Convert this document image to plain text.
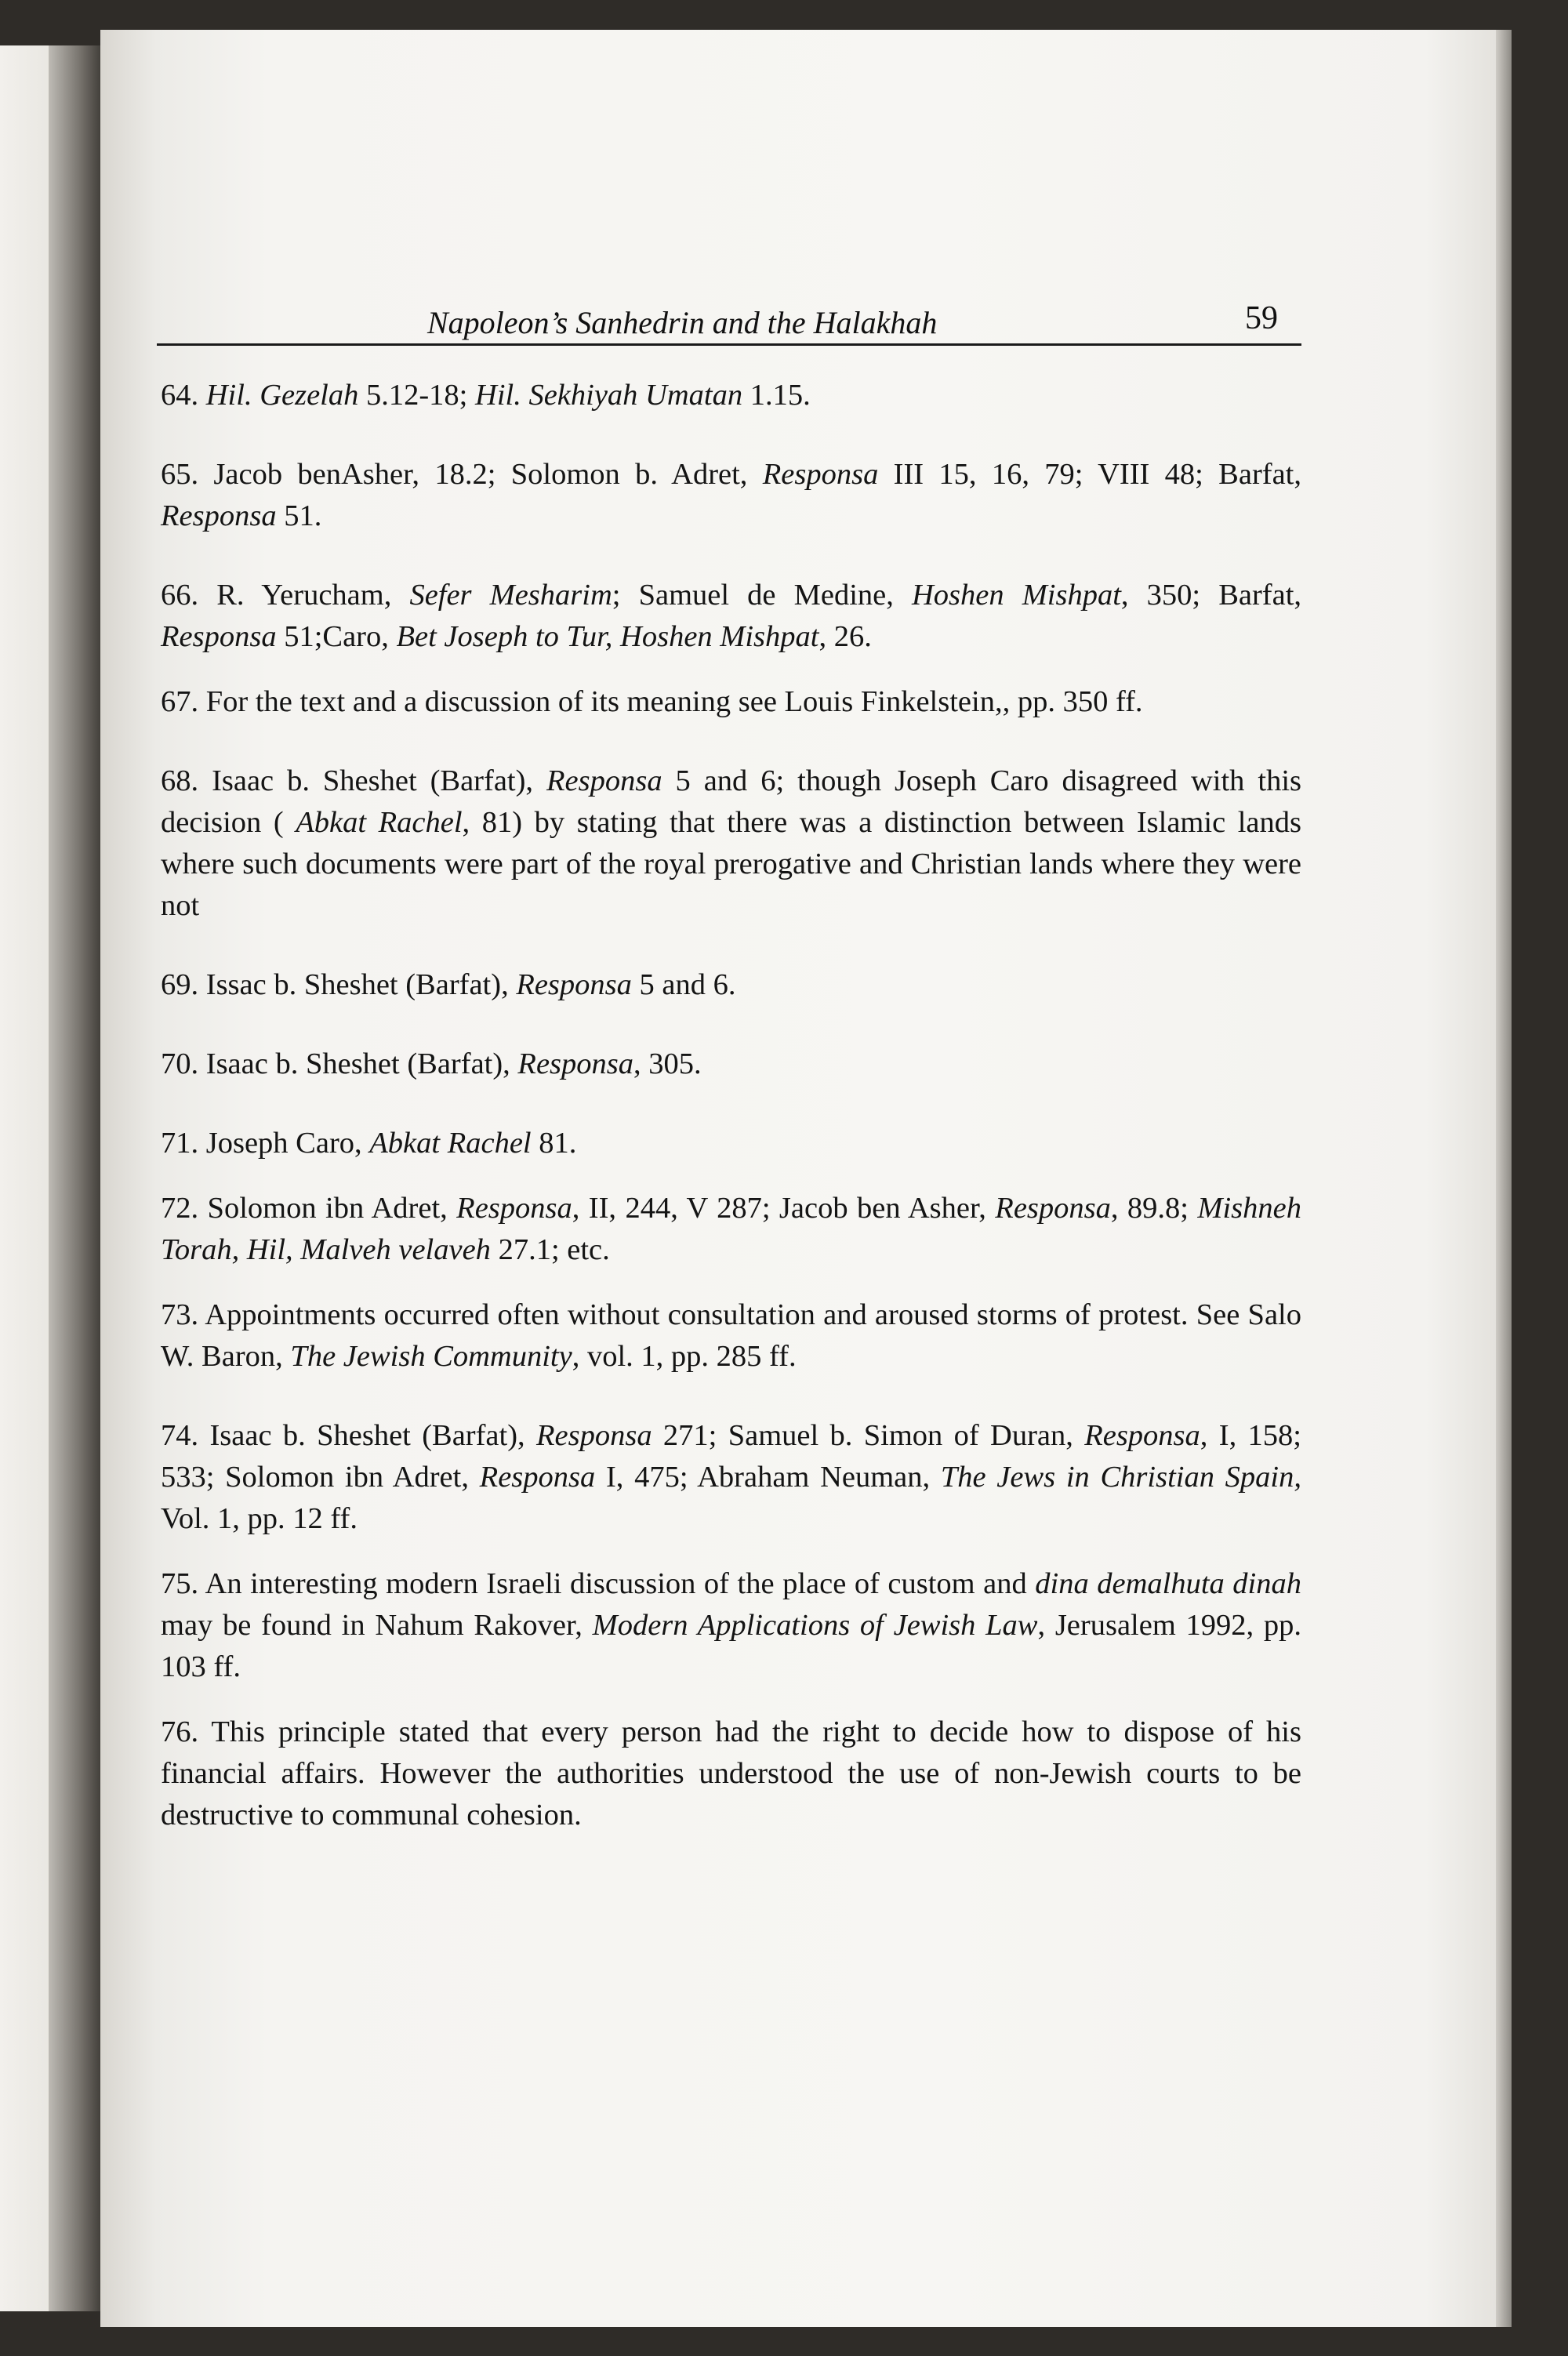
Napoleon’s Sanhedrin and the Halakhah	59

64. Hil. Gezelah 5.12-18; Hil. Sekhiyah Umatan 1.15.

65. Jacob benAsher, 18.2; Solomon b. Adret, Responsa III 15, 16, 79; VIII 48; Barfat, Responsa 51.

66. R. Yerucham, Sefer Mesharim; Samuel de Medine, Hoshen Mishpat, 350; Barfat, Responsa 51;Caro, Bet Joseph to Tur, Hoshen Mishpat, 26.

67. For the text and a discussion of its meaning see Louis Finkelstein,, pp. 350 ff.

68. Isaac b. Sheshet (Barfat), Responsa 5 and 6; though Joseph Caro disagreed with this decision ( Abkat Rachel, 81) by stating that there was a distinction between Islamic lands where such documents were part of the royal prerogative and Christian lands where they were not

69. Issac b. Sheshet (Barfat), Responsa 5 and 6.

70. Isaac b. Sheshet (Barfat), Responsa, 305.

71. Joseph Caro, Abkat Rachel 81.

72. Solomon ibn Adret, Responsa, II, 244, V 287; Jacob ben Asher, Responsa, 89.8; Mishneh Torah, Hil, Malveh velaveh 27.1; etc.

73. Appointments occurred often without consultation and aroused storms of protest. See Salo W. Baron, The Jewish Community, vol. 1, pp. 285 ff.

74. Isaac b. Sheshet (Barfat), Responsa 271; Samuel b. Simon of Duran, Responsa, I, 158; 533; Solomon ibn Adret, Responsa I, 475; Abraham Neuman, The Jews in Christian Spain, Vol. 1, pp. 12 ff.

75. An interesting modern Israeli discussion of the place of custom and dina demalhuta dinah may be found in Nahum Rakover, Modern Applications of Jewish Law, Jerusalem 1992, pp. 103 ff.

76. This principle stated that every person had the right to decide how to dispose of his financial affairs. However the authorities understood the use of non-Jewish courts to be destructive to communal cohesion.
